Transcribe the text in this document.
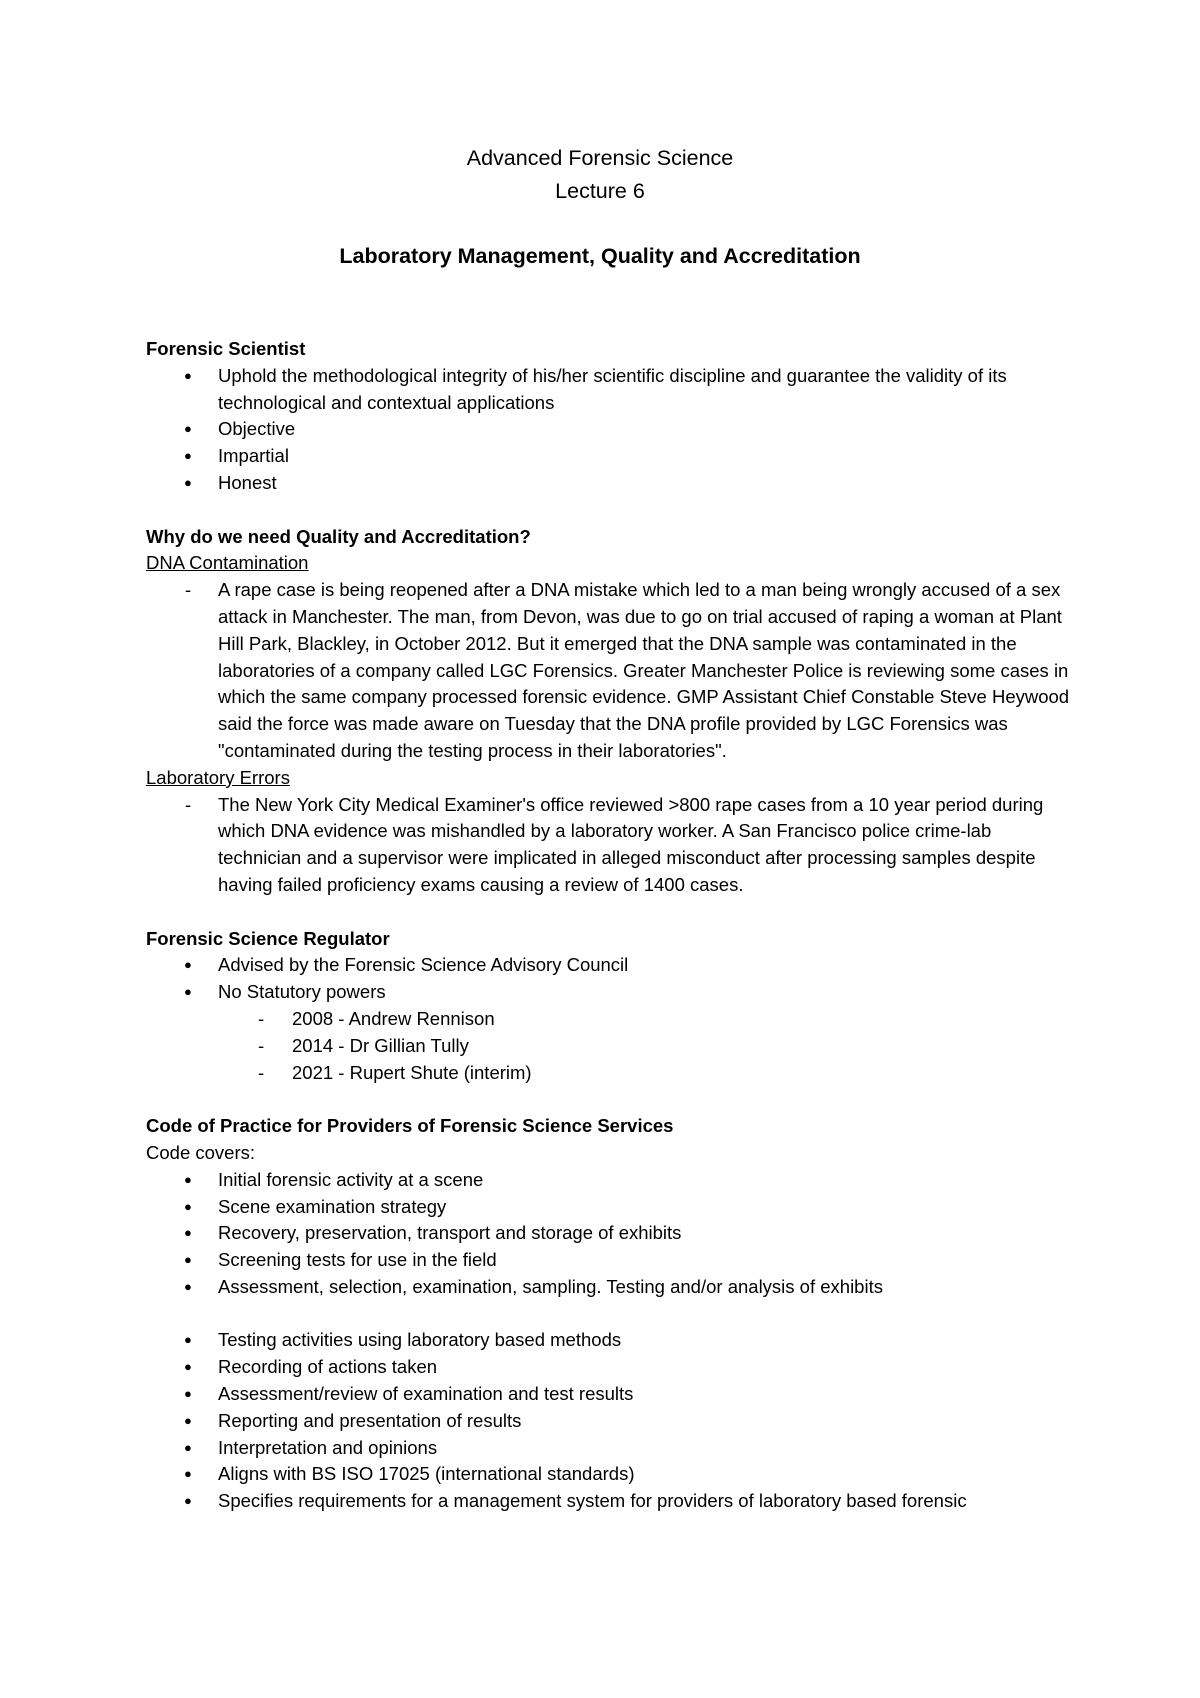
Advanced Forensic Science
Lecture 6
Laboratory Management, Quality and Accreditation
Forensic Scientist
● Uphold the methodological integrity of his/her scientific discipline and guarantee the validity of its technological and contextual applications
● Objective
● Impartial
● Honest
Why do we need Quality and Accreditation?
DNA Contamination
- A rape case is being reopened after a DNA mistake which led to a man being wrongly accused of a sex attack in Manchester. The man, from Devon, was due to go on trial accused of raping a woman at Plant Hill Park, Blackley, in October 2012. But it emerged that the DNA sample was contaminated in the laboratories of a company called LGC Forensics. Greater Manchester Police is reviewing some cases in which the same company processed forensic evidence. GMP Assistant Chief Constable Steve Heywood said the force was made aware on Tuesday that the DNA profile provided by LGC Forensics was "contaminated during the testing process in their laboratories".
Laboratory Errors
- The New York City Medical Examiner's office reviewed >800 rape cases from a 10 year period during which DNA evidence was mishandled by a laboratory worker. A San Francisco police crime-lab technician and a supervisor were implicated in alleged misconduct after processing samples despite having failed proficiency exams causing a review of 1400 cases.
Forensic Science Regulator
● Advised by the Forensic Science Advisory Council
● No Statutory powers
- 2008 - Andrew Rennison
- 2014 - Dr Gillian Tully
- 2021 - Rupert Shute (interim)
Code of Practice for Providers of Forensic Science Services
Code covers:
● Initial forensic activity at a scene
● Scene examination strategy
● Recovery, preservation, transport and storage of exhibits
● Screening tests for use in the field
● Assessment, selection, examination, sampling. Testing and/or analysis of exhibits
● Testing activities using laboratory based methods
● Recording of actions taken
● Assessment/review of examination and test results
● Reporting and presentation of results
● Interpretation and opinions
● Aligns with BS ISO 17025 (international standards)
● Specifies requirements for a management system for providers of laboratory based forensic
